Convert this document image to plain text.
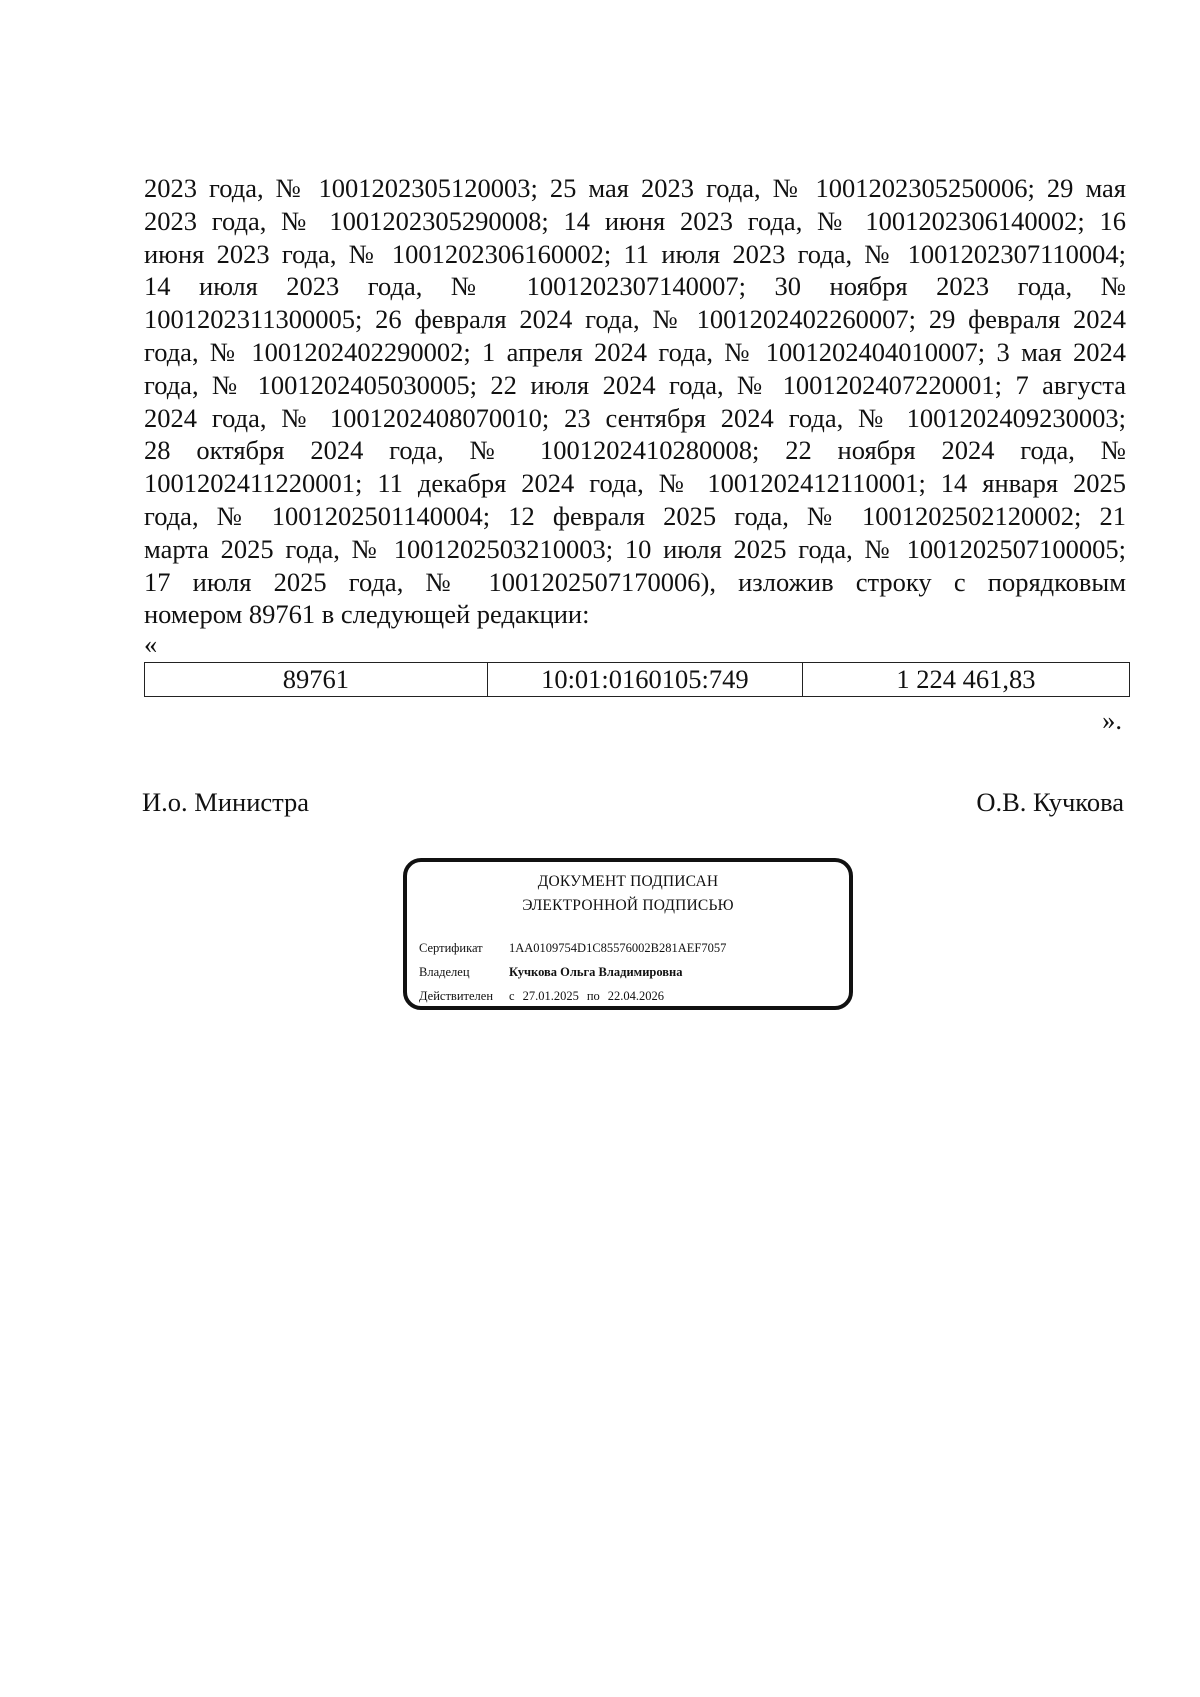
2023 года, № 1001202305120003; 25 мая 2023 года, № 1001202305250006; 29 мая
2023 года, № 1001202305290008; 14 июня 2023 года, № 1001202306140002; 16
июня 2023 года, № 1001202306160002; 11 июля 2023 года, № 1001202307110004;
14 июля 2023 года, № 1001202307140007; 30 ноября 2023 года, №
1001202311300005; 26 февраля 2024 года, № 1001202402260007; 29 февраля 2024
года, № 1001202402290002; 1 апреля 2024 года, № 1001202404010007; 3 мая 2024
года, № 1001202405030005; 22 июля 2024 года, № 1001202407220001; 7 августа
2024 года, № 1001202408070010; 23 сентября 2024 года, № 1001202409230003;
28 октября 2024 года, № 1001202410280008; 22 ноября 2024 года, №
1001202411220001; 11 декабря 2024 года, № 1001202412110001; 14 января 2025
года, № 1001202501140004; 12 февраля 2025 года, № 1001202502120002; 21
марта 2025 года, № 1001202503210003; 10 июля 2025 года, № 1001202507100005;
17 июля 2025 года, № 1001202507170006), изложив строку с порядковым
номером 89761 в следующей редакции:
«
89761	10:01:0160105:749	1 224 461,83
».
И.о. Министра	О.В. Кучкова
ДОКУМЕНТ ПОДПИСАН
ЭЛЕКТРОННОЙ ПОДПИСЬЮ
Сертификат 1AA0109754D1C85576002B281AEF7057
Владелец	Кучкова Ольга Владимировна
Действителен с 27.01.2025 по 22.04.2026
